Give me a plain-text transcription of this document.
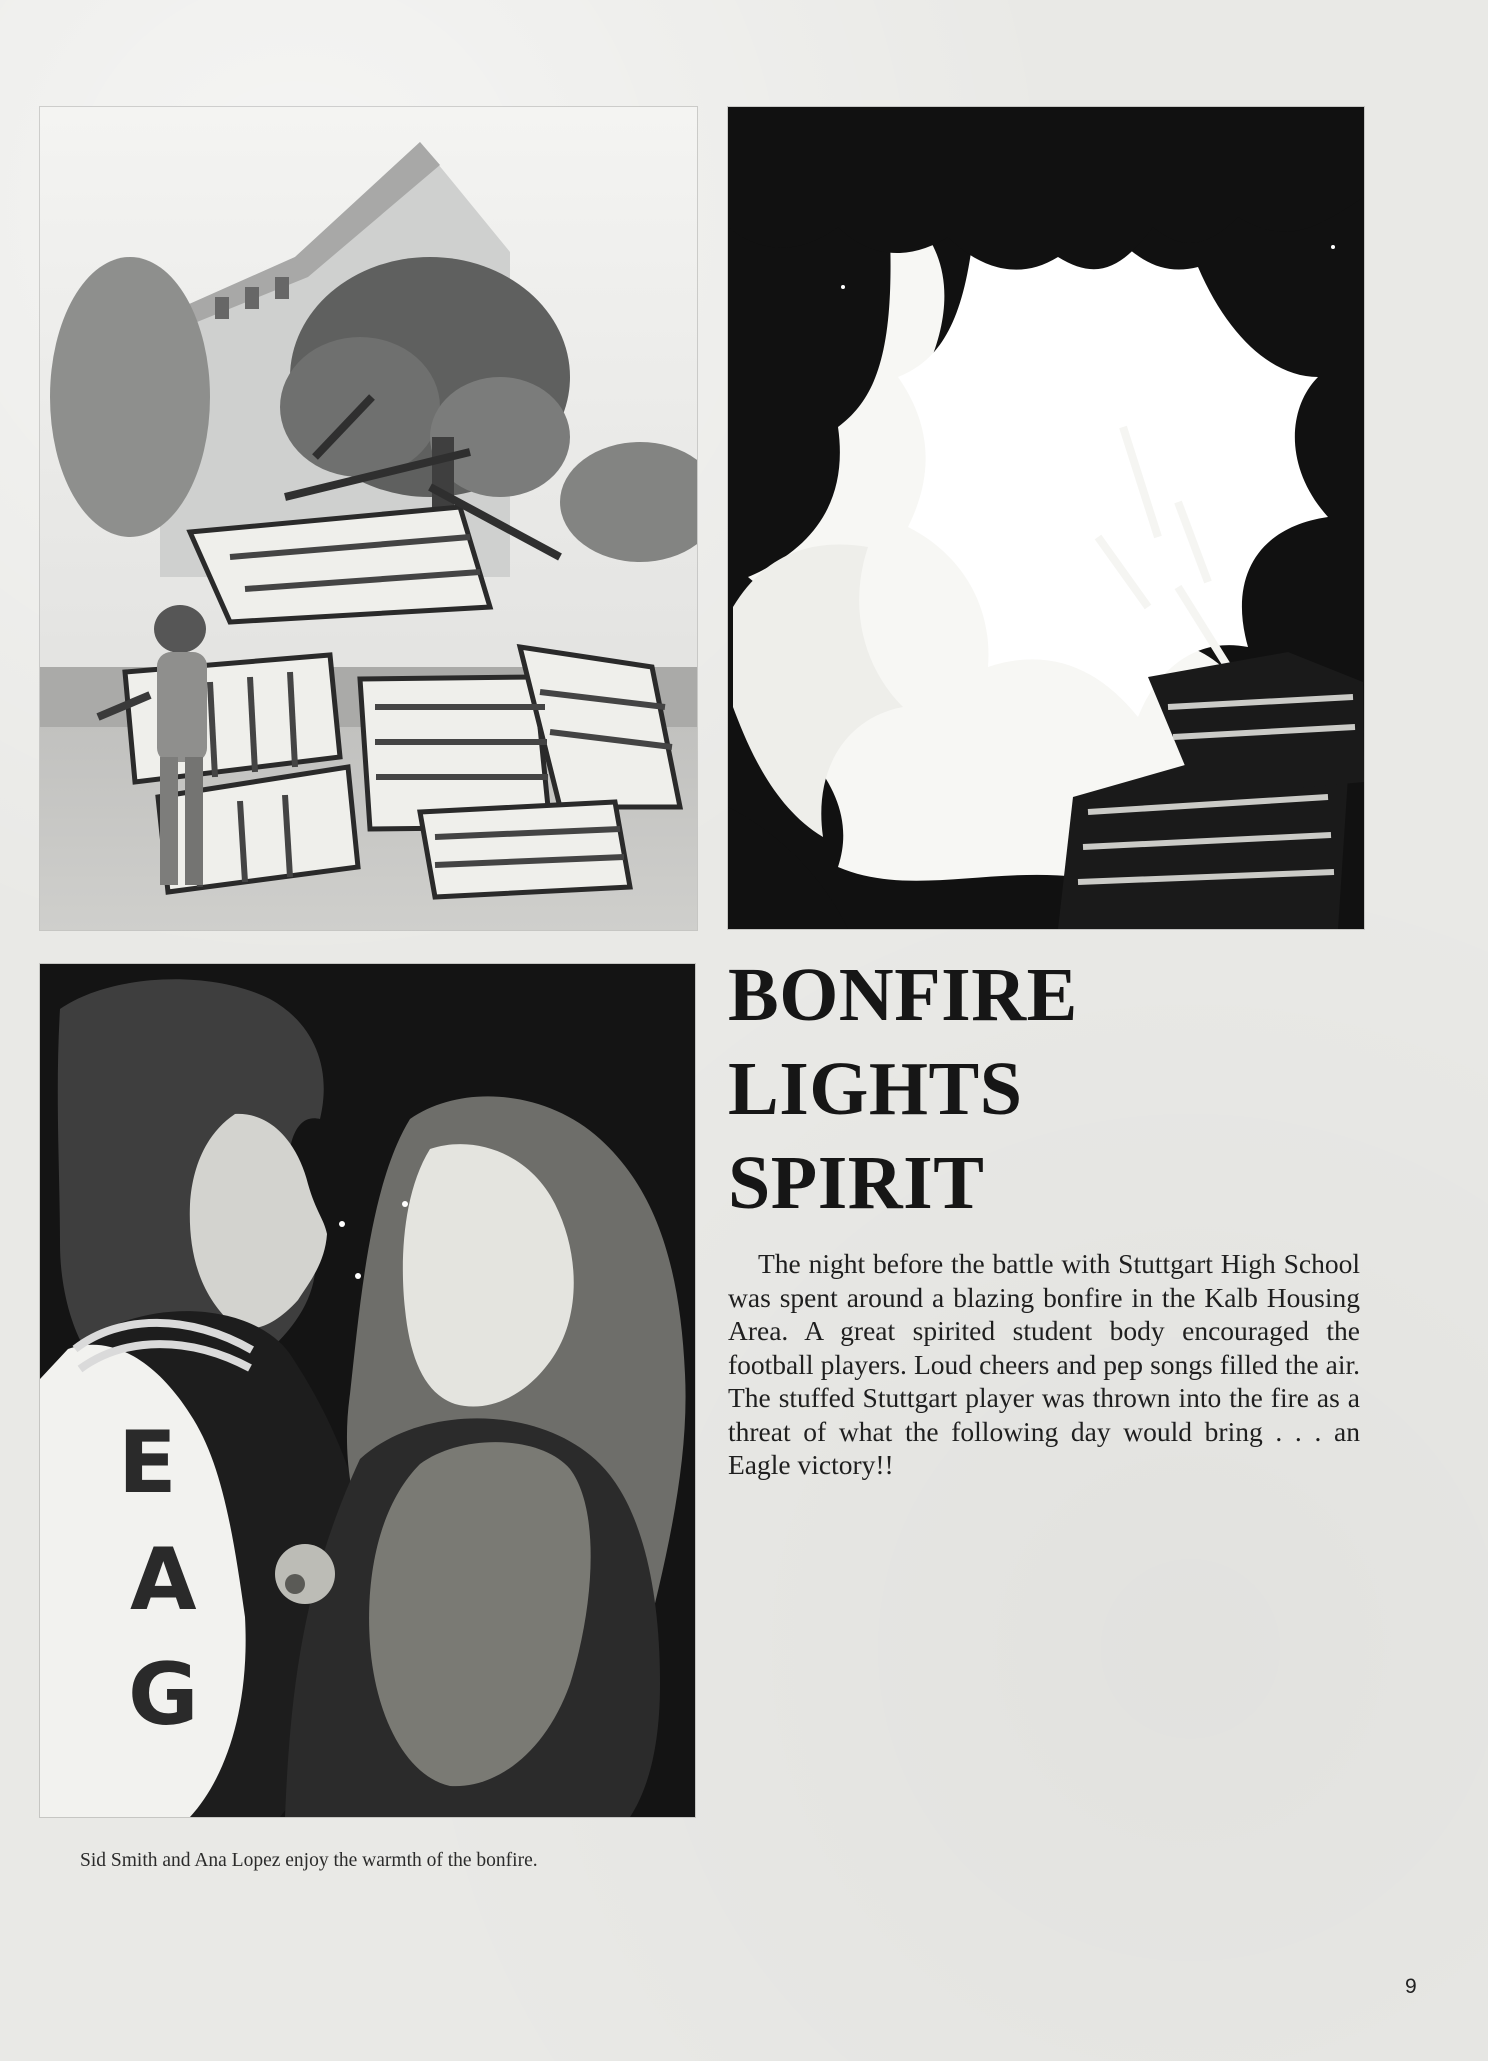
E
A
G
BONFIRE
LIGHTS
SPIRIT

The night before the battle with Stuttgart High School was spent around a blazing bonfire in the Kalb Housing Area. A great spirited student body encouraged the football players. Loud cheers and pep songs filled the air. The stuffed Stuttgart player was thrown into the fire as a threat of what the following day would bring . . . an Eagle victory!!

Sid Smith and Ana Lopez enjoy the warmth of the bonfire.

9
